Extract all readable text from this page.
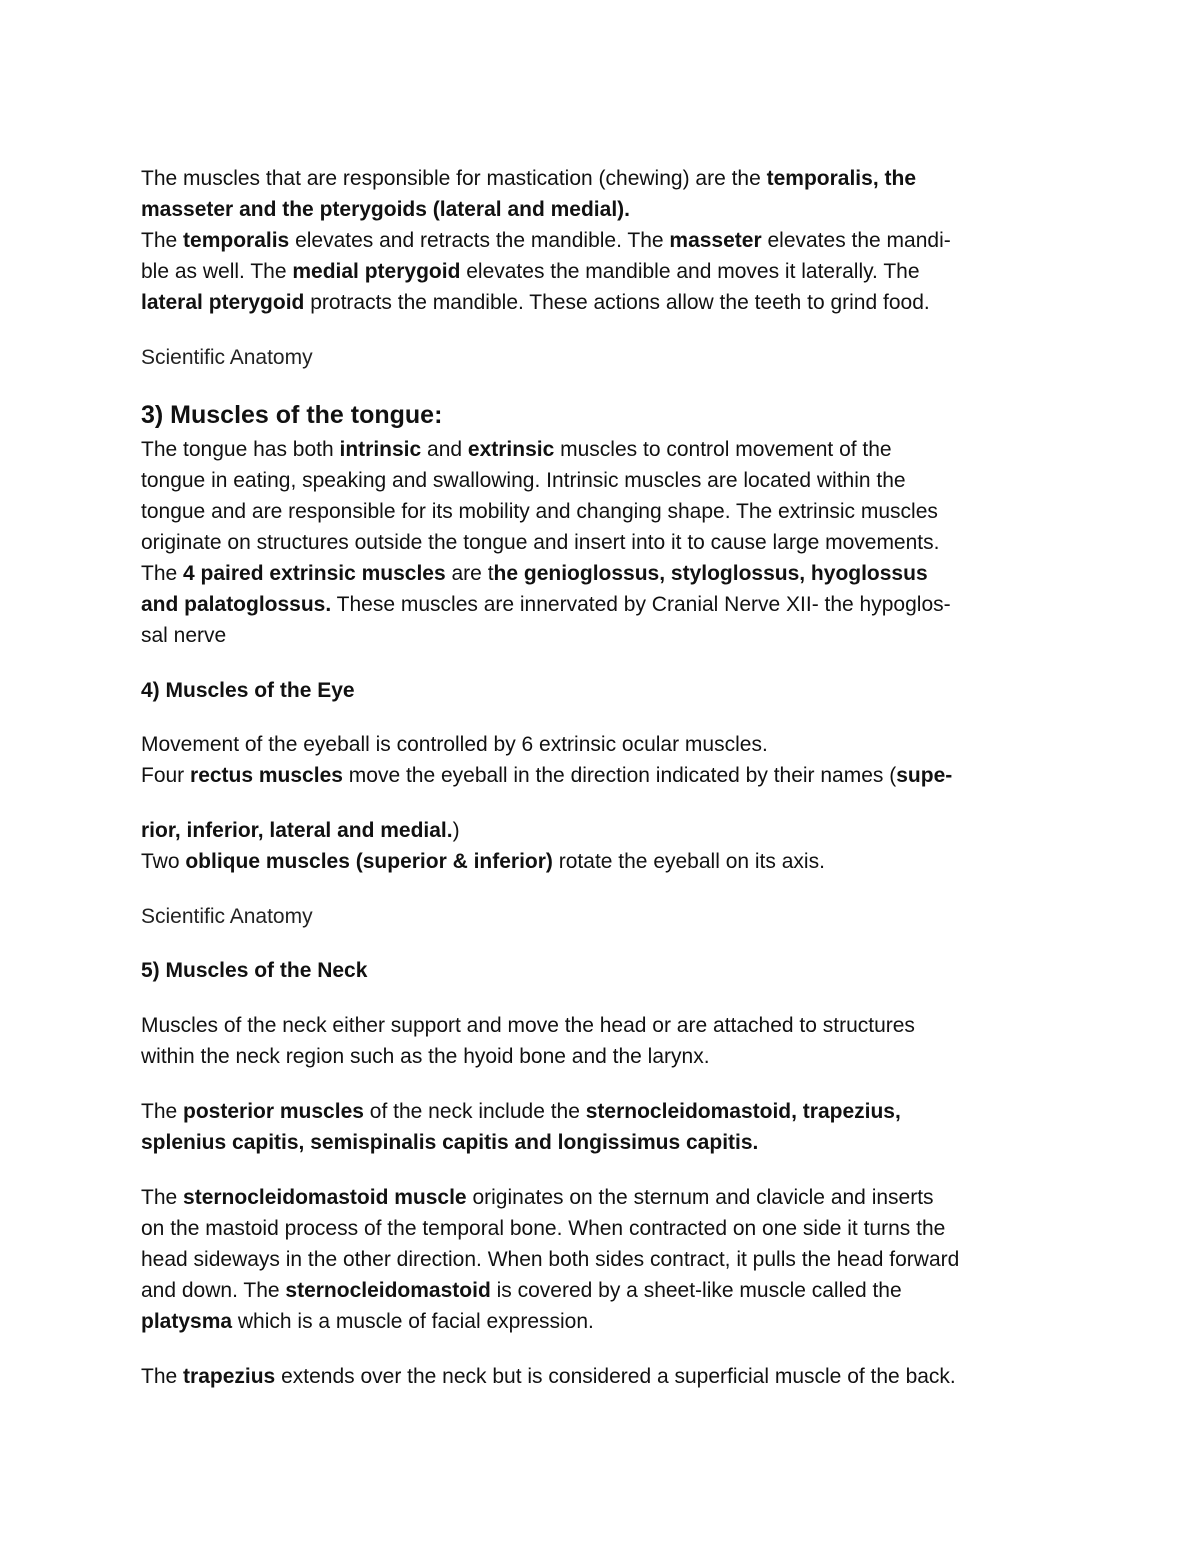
The muscles that are responsible for mastication (chewing) are the temporalis, the

masseter and the pterygoids (lateral and medial).

The temporalis elevates and retracts the mandible. The masseter elevates the mandi-

ble as well. The medial pterygoid elevates the mandible and moves it laterally. The

lateral pterygoid protracts the mandible. These actions allow the teeth to grind food.

Scientific Anatomy

3) Muscles of the tongue:

The tongue has both intrinsic and extrinsic muscles to control movement of the

tongue in eating, speaking and swallowing. Intrinsic muscles are located within the

tongue and are responsible for its mobility and changing shape. The extrinsic muscles

originate on structures outside the tongue and insert into it to cause large movements.

The 4 paired extrinsic muscles are the genioglossus, styloglossus, hyoglossus

and palatoglossus. These muscles are innervated by Cranial Nerve XII- the hypoglos-

sal nerve

4) Muscles of the Eye

Movement of the eyeball is controlled by 6 extrinsic ocular muscles.

Four rectus muscles move the eyeball in the direction indicated by their names (supe-

rior, inferior, lateral and medial.)

Two oblique muscles (superior & inferior) rotate the eyeball on its axis.

Scientific Anatomy

5) Muscles of the Neck

Muscles of the neck either support and move the head or are attached to structures

within the neck region such as the hyoid bone and the larynx.

The posterior muscles of the neck include the sternocleidomastoid, trapezius,

splenius capitis, semispinalis capitis and longissimus capitis.

The sternocleidomastoid muscle originates on the sternum and clavicle and inserts

on the mastoid process of the temporal bone. When contracted on one side it turns the

head sideways in the other direction. When both sides contract, it pulls the head forward

and down. The sternocleidomastoid is covered by a sheet-like muscle called the

platysma which is a muscle of facial expression.

The trapezius extends over the neck but is considered a superficial muscle of the back.
